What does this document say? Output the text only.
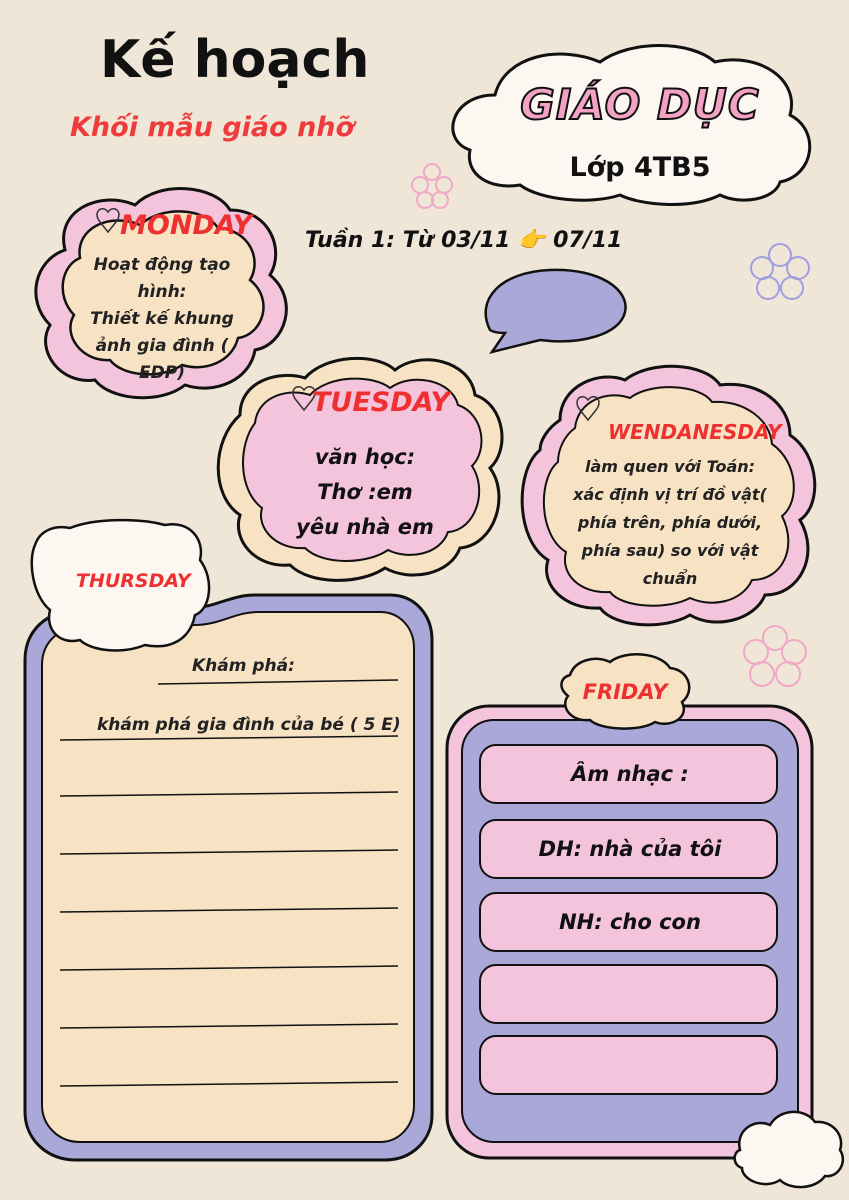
Kế hoạch
Khối mẫu giáo nhỡ	GIÁO DỤC
Lớp 4TB5
Tuần 1: Từ 03/11 👉 07/11
MONDAY
Hoạt động tạo
hình:
Thiết kế khung
ảnh gia đình (
EDP)
TUESDAY
văn học:
Thơ :em
yêu nhà em
WENDANESDAY
làm quen với Toán:
xác định vị trí đồ vật(
phía trên, phía dưới,
phía sau) so với vật
chuẩn
THURSDAY
Khám phá:
khám phá gia đình của bé ( 5 E)
FRIDAY
Âm nhạc :
DH: nhà của tôi
NH: cho con
